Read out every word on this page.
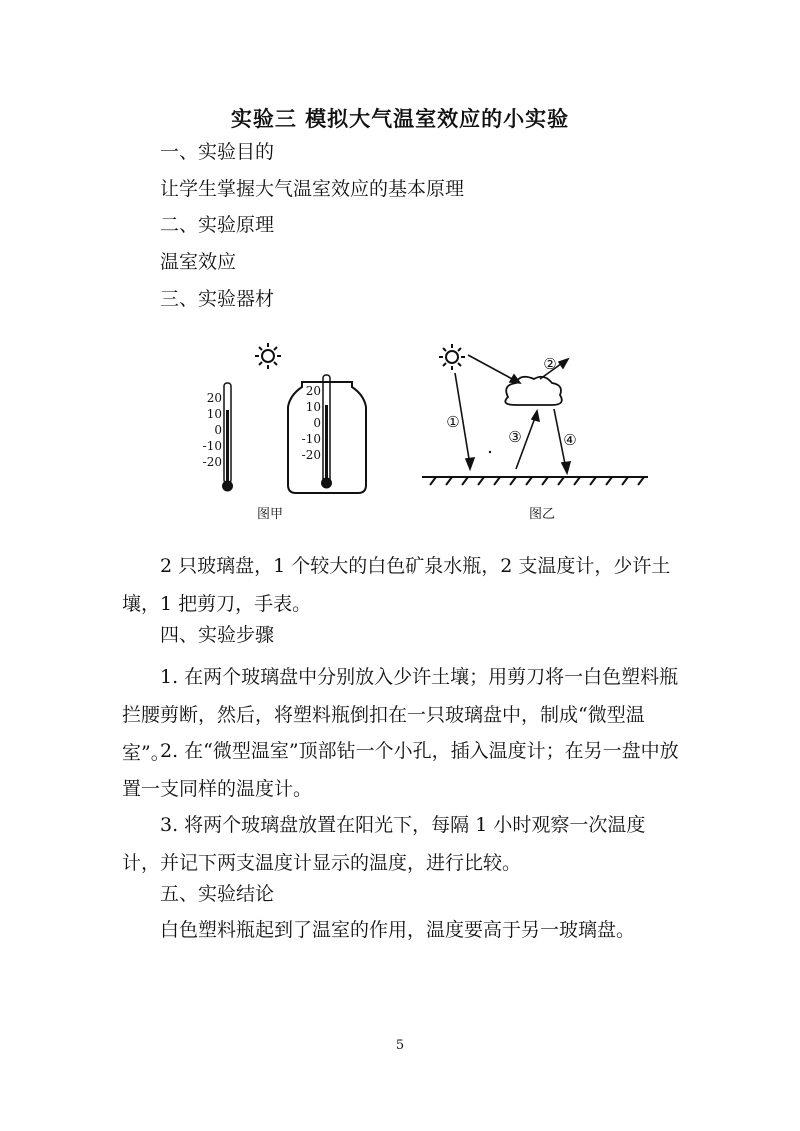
实验三 模拟大气温室效应的小实验
一、实验目的
让学生掌握大气温室效应的基本原理
二、实验原理
温室效应
三、实验器材
20
10
0
-10
-20
20
10
0
-10
-20
图甲
①
②
③	④
图乙
2 只玻璃盘，1 个较大的白色矿泉水瓶，2 支温度计，少许土壤，1 把剪刀，手表。
四、实验步骤
1. 在两个玻璃盘中分别放入少许土壤；用剪刀将一白色塑料瓶拦腰剪断，然后，将塑料瓶倒扣在一只玻璃盘中，制成“微型温室”。
2. 在“微型温室”顶部钻一个小孔，插入温度计；在另一盘中放置一支同样的温度计。
3. 将两个玻璃盘放置在阳光下，每隔 1 小时观察一次温度计，并记下两支温度计显示的温度，进行比较。
五、实验结论
白色塑料瓶起到了温室的作用，温度要高于另一玻璃盘。
5
